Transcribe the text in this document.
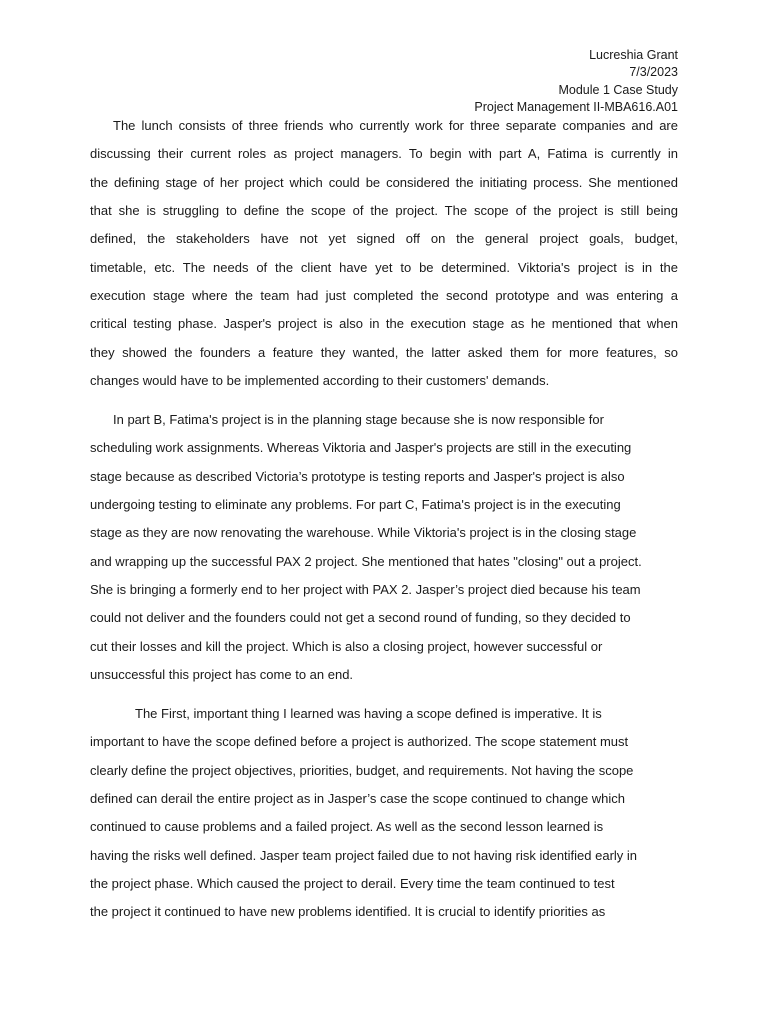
Lucreshia Grant
7/3/2023
Module 1 Case Study
Project Management II-MBA616.A01
The lunch consists of three friends who currently work for three separate companies and are
discussing their current roles as project managers. To begin with part A, Fatima is currently in
the defining stage of her project which could be considered the initiating process. She mentioned
that she is struggling to define the scope of the project. The scope of the project is still being
defined, the stakeholders have not yet signed off on the general project goals, budget,
timetable, etc. The needs of the client have yet to be determined. Viktoria's project is in the
execution stage where the team had just completed the second prototype and was entering a
critical testing phase. Jasper's project is also in the execution stage as he mentioned that when
they showed the founders a feature they wanted, the latter asked them for more features, so
changes would have to be implemented according to their customers' demands.
In part B, Fatima's project is in the planning stage because she is now responsible for
scheduling work assignments. Whereas Viktoria and Jasper's projects are still in the executing
stage because as described Victoria’s prototype is testing reports and Jasper's project is also
undergoing testing to eliminate any problems. For part C, Fatima's project is in the executing
stage as they are now renovating the warehouse. While Viktoria's project is in the closing stage
and wrapping up the successful PAX 2 project. She mentioned that hates "closing" out a project.
She is bringing a formerly end to her project with PAX 2. Jasper’s project died because his team
could not deliver and the founders could not get a second round of funding, so they decided to
cut their losses and kill the project. Which is also a closing project, however successful or
unsuccessful this project has come to an end.
The First, important thing I learned was having a scope defined is imperative. It is
important to have the scope defined before a project is authorized. The scope statement must
clearly define the project objectives, priorities, budget, and requirements. Not having the scope
defined can derail the entire project as in Jasper’s case the scope continued to change which
continued to cause problems and a failed project. As well as the second lesson learned is
having the risks well defined. Jasper team project failed due to not having risk identified early in
the project phase. Which caused the project to derail. Every time the team continued to test
the project it continued to have new problems identified. It is crucial to identify priorities as
